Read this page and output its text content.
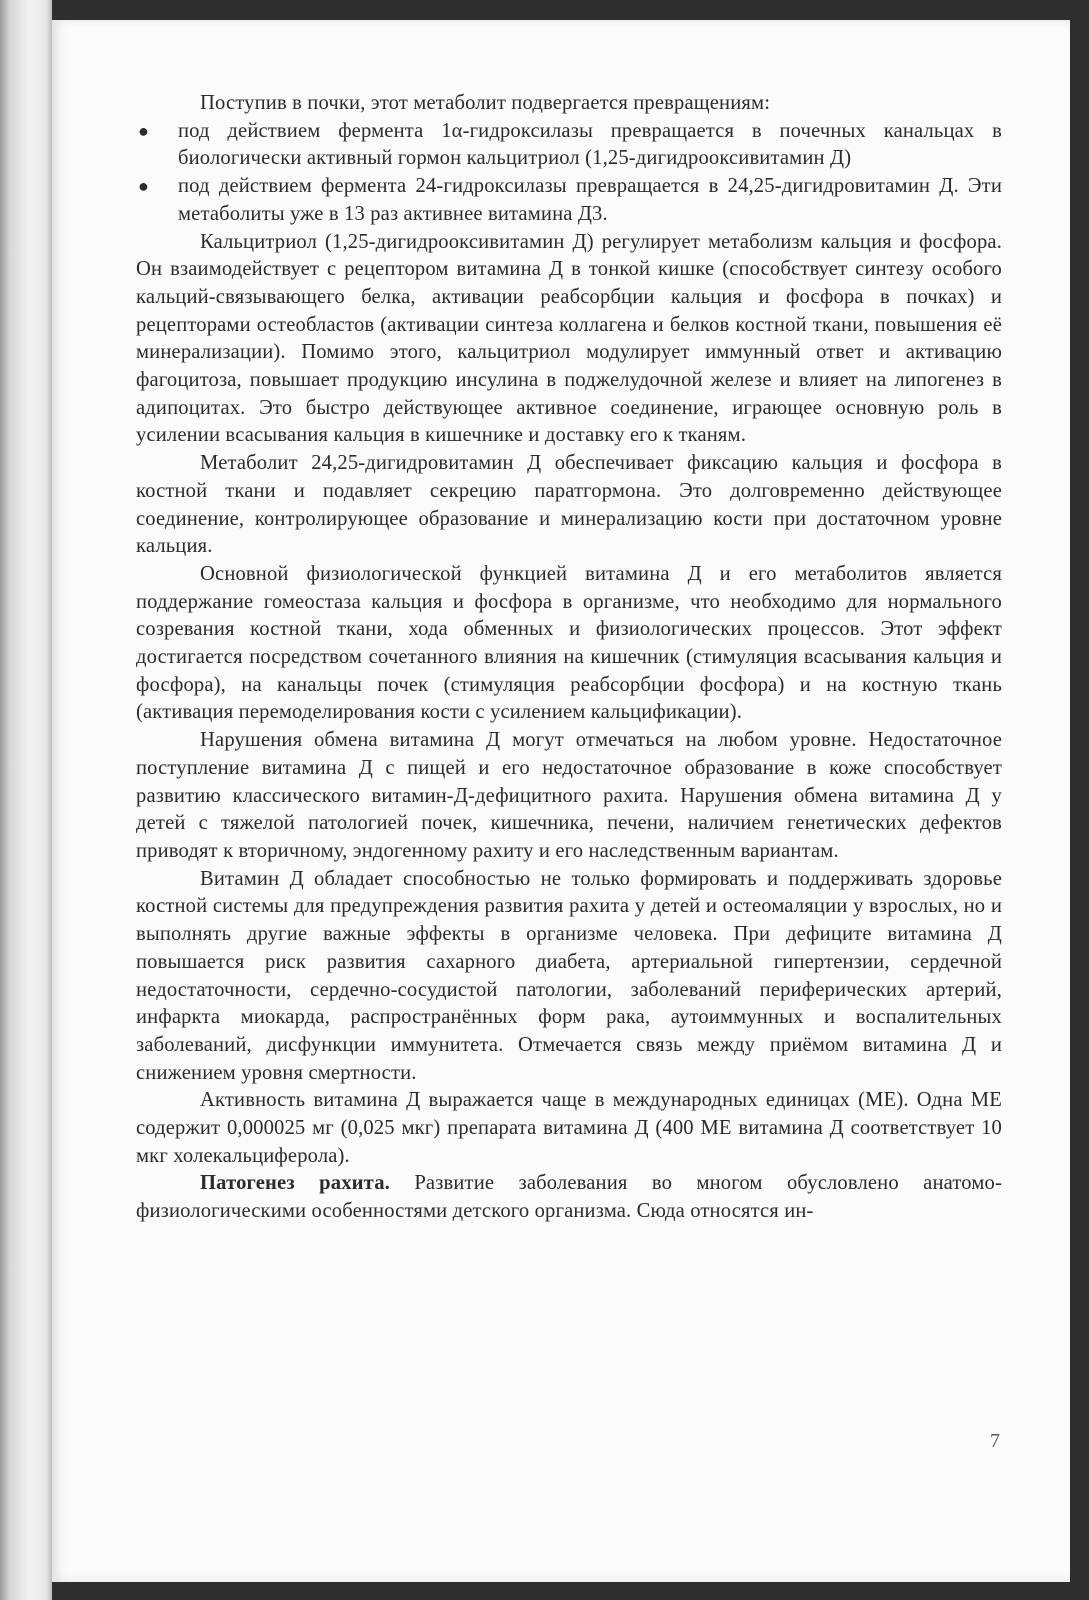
Поступив в почки, этот метаболит подвергается превращениям:

● под действием фермента 1α-гидроксилазы превращается в почечных канальцах в биологически активный гормон кальцитриол (1,25-дигидрооксивитамин Д)
● под действием фермента 24-гидроксилазы превращается в 24,25-дигидровитамин Д. Эти метаболиты уже в 13 раз активнее витамина Д3.

Кальцитриол (1,25-дигидрооксивитамин Д) регулирует метаболизм кальция и фосфора. Он взаимодействует с рецептором витамина Д в тонкой кишке (способствует синтезу особого кальций-связывающего белка, активации реабсорбции кальция и фосфора в почках) и рецепторами остеобластов (активации синтеза коллагена и белков костной ткани, повышения её минерализации). Помимо этого, кальцитриол модулирует иммунный ответ и активацию фагоцитоза, повышает продукцию инсулина в поджелудочной железе и влияет на липогенез в адипоцитах. Это быстро действующее активное соединение, играющее основную роль в усилении всасывания кальция в кишечнике и доставку его к тканям.

Метаболит 24,25-дигидровитамин Д обеспечивает фиксацию кальция и фосфора в костной ткани и подавляет секрецию паратгормона. Это долговременно действующее соединение, контролирующее образование и минерализацию кости при достаточном уровне кальция.

Основной физиологической функцией витамина Д и его метаболитов является поддержание гомеостаза кальция и фосфора в организме, что необходимо для нормального созревания костной ткани, хода обменных и физиологических процессов. Этот эффект достигается посредством сочетанного влияния на кишечник (стимуляция всасывания кальция и фосфора), на канальцы почек (стимуляция реабсорбции фосфора) и на костную ткань (активация перемоделирования кости с усилением кальцификации).

Нарушения обмена витамина Д могут отмечаться на любом уровне. Недостаточное поступление витамина Д с пищей и его недостаточное образование в коже способствует развитию классического витамин-Д-дефицитного рахита. Нарушения обмена витамина Д у детей с тяжелой патологией почек, кишечника, печени, наличием генетических дефектов приводят к вторичному, эндогенному рахиту и его наследственным вариантам.

Витамин Д обладает способностью не только формировать и поддерживать здоровье костной системы для предупреждения развития рахита у детей и остеомаляции у взрослых, но и выполнять другие важные эффекты в организме человека. При дефиците витамина Д повышается риск развития сахарного диабета, артериальной гипертензии, сердечной недостаточности, сердечно-сосудистой патологии, заболеваний периферических артерий, инфаркта миокарда, распространённых форм рака, аутоиммунных и воспалительных заболеваний, дисфункции иммунитета. Отмечается связь между приёмом витамина Д и снижением уровня смертности.

Активность витамина Д выражается чаще в международных единицах (МЕ). Одна МЕ содержит 0,000025 мг (0,025 мкг) препарата витамина Д (400 МЕ витамина Д соответствует 10 мкг холекальциферола).

Патогенез рахита. Развитие заболевания во многом обусловлено анатомо-физиологическими особенностями детского организма. Сюда относятся ин-

7
